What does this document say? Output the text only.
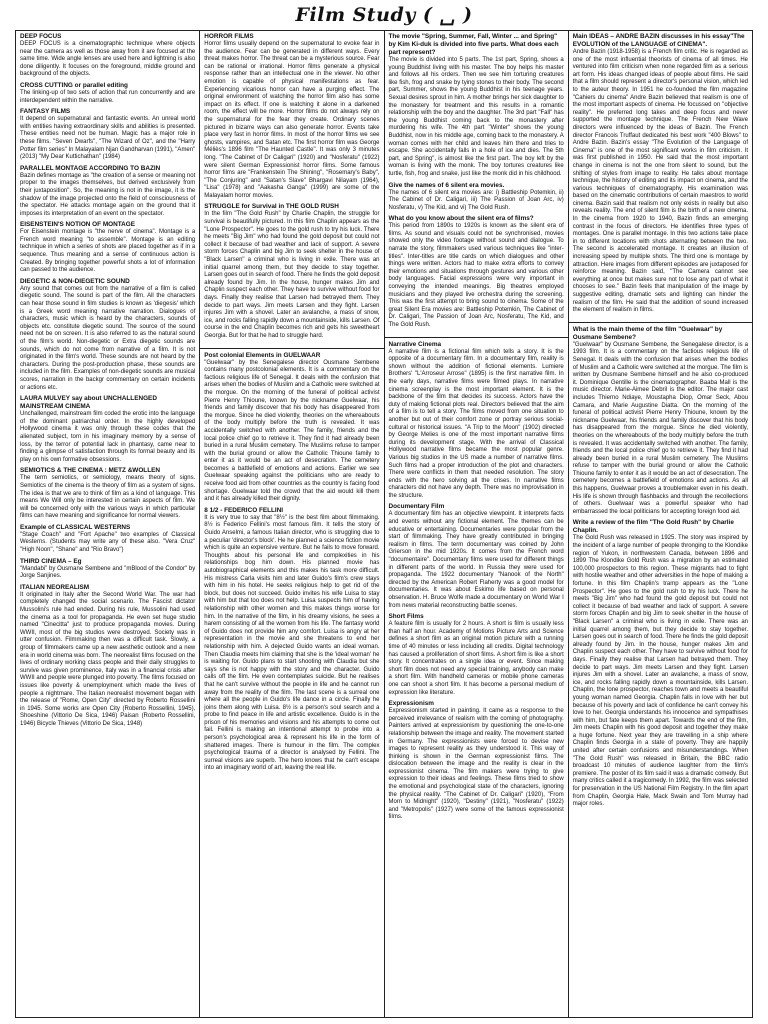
Film Study ( ␣ )
DEEP FOCUS
DEEP FOCUS is a cinematographic technique where objects near the camera as well as those away from it are focused at the same time. Wide angle lenses are used here and lightning is also done diligently. It focuses on the foreground, middle ground and background of the objects.
CROSS CUTTING or parallel editing
The linking-up of two sets of action that run concurrently and are interdependent within the narrative.
FANTASY FILMS
It depend on supernatural and fantastic events. An unreal world with entities having extraordinary skills and abilities is presented. These entities need not be human. Magic has a major role in these films. "Seven Dwarfs", "The Wizard of Oz", and the "Harry Potter film series" In Malayalam Njan Gandharvan (1991), "Amen" (2013) "My Dear Kuttichathan" (1984)
PARALLEL MONTAGE ACCORDING TO BAZIN
Bazin defines montage as "the creation of a sense or meaning not proper to the images themselves, but derived exclusively from their juxtaposition". So, the meaning is not in the image, it is the shadow of the image projected onto the field of consciousness of the spectator. He attacks montage again on the ground that it imposes its interpretation of an event on the spectator.
EISENSTEIN'S NOTION OF MONTAGE
For Eisenstein montage is "the nerve of cinema". Montage is a French word meaning "to assemble". Montage is an editing technique in which a series of shots are placed together as if in a sequence. Thus meaning and a sense of continuous action is Created. By bringing together powerful shots a lot of information can passed to the audience.
DIEGETIC & NON-DIEGETIC SOUND
Any sound that comes out from the narrative of a film is called diegetic sound. The sound is part of the film. All the characters can hear those sound in film studies is known as 'diegesis' which is a Greek word meaning narrative narration. Dialogues of characters, music which is heard by the characters, sounds of objects etc. constitute diegetic sound. The source of the sound need not be on screen. It is also referred to as the natural sound of the film's world. Non-diegetic or Extra diegetic sounds are sounds, which do not come from narrative of a film. It is not originated in the film's world. These sounds are not heard by the characters. During the post-production phase, these sounds are included in the film. Examples of non-diegetic sounds are musical scores, narration in the backgr commentary on certain incidents or actions etc.
LAURA MULVEY say about UNCHALLENGED MAINSTREAM CINEMA
Unchallenged, mainstream film coded the erotic into the language of the dominant patriarchal order. In the highly developed Hollywood cinema it was only through these codes that the alienated subject, torn in his imaginary memory by a sense of loss, by the terror of potential lack in phantasy, came near to finding a glimpse of satisfaction through its formal beauty and its play on his own formative obsessions.
SEMIOTICS & THE CINEMA : METZ &WOLLEN
The term semiotics, or semiology, means theory of signs. Semiotics of the cinema is the theory of film as a system of signs. The idea is that we are to think of film as a kind of language. This means We Will only be interested in certain aspects of film. We will be concerned only with the various ways in which particular films can have meaning and significance for normal viewers.
Example of CLASSICAL WESTERNS
"Stage Coach" and "Fort Apache" two examples of Classical Westerns. (Students may write any of these also. "Vera Cruz" "High Noon", "Shane" and "Rio Bravo")
THIRD CINEMA – Eg
"Mandabi" by Ousmane Sembene and "mBlood of the Condor" by Jorge Sanjines.
ITALIAN NEOREALISM
It originated in Italy after the Second World War. The war had completely changed the social scenario. The Fascist dictator Mussolini's rule had ended. During his rule, Mussolini had used the cinema as a tool for propaganda. He even set huge studio named "Cinecitta" just to produce propaganda movies. During WWII, most of the big studios were destroyed. Society was in utter confusion. Filmmaking then was a difficult task. Slowly, a group of filmmakers came up a new aesthetic outlook and a new era in world cinema was born. The neorealist films focused on the lives of ordinary working class people and their daily struggles to survive was given prominence, Italy was in a financial crisis after WWII and people were plunged into poverty. The films focused on issues like poverty & unemployment which made the lives of people a nightmare. The Italian neorealist movement began with the release of "Rome, Open City" directed by Roberto Rossellini in 1945. Some works are Open City (Roberto Rossellini, 1945), Shoeshine (Vittorio De Sica, 1946) Paisan (Roberto Rossellini, 1946) Bicycle Thieves (Vittorio De Sica, 1948)
HORROR FILMS
Horror films usually depend on the supernatural to evoke fear in the audience. Fear can be generated in different ways. Every threat makes horror. The threat can be a mysterious source. Fear can be rational or irrational. Horror films generate a physical response rather than an intellectual one in the viewer. No other emotion is capable of physical manifestations as fear. Experiencing vicarious horror can have a purging effect. The original environment of watching the horror film also has some impact on its effect. If one is watching it alone in a darkened room, the effect will be more. Horror films do not always rely on the supernatural for the fear they create. Ordinary scenes pictured in bizarre ways can also generate horror. Events take place very fast in horror films. In most of the horror films we see ghosts, vampires, and Satan etc. The first horror film was George Méliès's 1896 film "The Haunted Castle". It was only 3 minutes long. "The Cabinet of Dr Caligari" (1920) and "Nosferatu" (1922) were silent German Expressionist horror films. Some famous horror films are "Frankenstein The Shining", "Rosemary's Baby", "The Conjuring" and "Satan's Slave" Bhargavi Nilayam (1964), "Lisa" (1978) and "Aakasha Ganga" (1999) are some of the Malayalam horror movies.
STRUGGLE for Survival in THE GOLD RUSH
In the film "The Gold Rush" by Charlie Chaplin, the struggle for survival is beautifully pictured. In this film Chaplin appears as the "Lone Prospector". He goes to the gold rush to try his luck. There he meets "Big Jim" who had found the gold deposit but could not collect it because of bad weather and lack of support. A severe storm forces Chaplin and big Jim to seek shelter in the house of "Black Larsen" a criminal who is living in exile. There was an initial quarrel among them, but they decide to stay together. Larsen goes out in search of food. There he finds the gold deposit already found by Jim. In the house, hunger makes Jim and Chaplin suspect each other. They have to survive without food for days. Finally they realise that Larsen had betrayed them. They decide to part ways. Jim meets Larsen and they fight. Larsen injures Jim with a shovel. Later an avalanche, a mass of snow, ice, and rocks falling rapidly down a mountainside, kills Larsen. Of course in the end Chaplin becomes rich and gets his sweetheart Georgia. But for that he had to struggle hard.
Post colonial Elements in GUELWAAR
"Guelwaar" by the Senegalese director Ousmane Sembene contains many postcolonial elements. It is a commentary on the factious religious life of Senegal. It deals with the confusion that arises when the bodies of Muslim and a Catholic were switched at the morgue. On the morning of the funeral of political activist Pierre Henry Thioune, known by the nickname Guelwaar, his friends and family discover that his body has disappeared from the morgue. Since he died violently, theories on the whereabouts of the body multiply before the truth is revealed. It was accidentally switched with another. The family, friends and the local police chief go to retrieve it. They find it had already been buried in a rural Muslim cemetery. The Muslims refuse to tamper with the burial ground or allow the Catholic Thioune family to enter it as it would be an act of desecration. The cemetery becomes a battlefield of emotions and actions. Earlier we see Guelwaar speaking against the politicians who are ready to receive food aid from other countries as the country is facing food shortage. Guelwaar told the crowd that the aid would kill them and it has already killed their dignity.
8 1/2 - FEDERICO FELLINI
It is very true to say that "8½" is the best film about filmmaking. 8½ is Federico Fellini's most famous film. It tells the story of Guido Anselmi, a famous Italian director, who is struggling due to a peculiar 'director's block'. He he planned a science fiction movie which is quite an expensive venture. But he fails to move forward. Thoughts about his personal life and complexities in his relationships bog him down. His planned movie has autobiographical elements and this makes his task more difficult. His mistress Carla visits him and later Guido's film's crew stays with him in his hotel. He seeks religious help to get rid of the block, but does not succeed. Guido invites his wife Luisa to stay with him but that too does not help. Luisa suspects him of having relationship with other women and this makes things worse for him. In the narrative of the film, in his dreamy visions, he sees a harem consisting of all the women from his life. The fantasy world of Guido does not provide him any comfort. Luisa is angry at her representation in the movie and she threatens to end her relationship with him. A dejected Guido wants an ideal woman. Then Claudia meets him claiming that she is the 'ideal woman' he is waiting for. Guido plans to start shooting with Claudia but she says she is not happy with the story and the character. Guido calls off the film. He even contemplates suicide. But he realises that he can't survive without the people in life and he cannot run away from the reality of the film. The last scene is a surreal one where all the people in Guido's life dance in a circle. Finally he joins them along with Luisa. 8½ is a person's soul search and a probe to find peace in life and artistic excellence. Guido is in the prison of his memories and visions and his attempts to come out fail. Fellini is making an intentional attempt to probe into a person's psychological area & represent his life in the form of shattered images. There is humour in the film. The complex psychological trauma of a director is analysed by Fellini. The surreal visions are superb. The hero knows that he can't escape into an imaginary world of art, leaving the real life.
The movie "Spring, Summer, Fall, Winter ... and Spring" by Kim Ki-duk is divided into five parts. What does each part represent?
The movie is divided into 5 parts. The 1st part, Spring, shows a young Buddhist living with his master. The boy helps his master and follows all his orders. Then we see him torturing creatures like fish, frog and snake by tying stones to their body. The second part, Summer, shows the young Buddhist in his teenage years. Sexual desires sprout in him. A mother brings her sick daughter to the monastery for treatment and this results in a romantic relationship with the boy and the daughter. The 3rd part "Fall" has the young Buddhist coming back to the monastery after murdering his wife. The 4th part "Winter" shows the young Buddhist, now in his middle age, coming back to the monastery. A woman comes with her child and leaves him there and tries to escape. She accidentally falls in a hole of ice and dies. The 5th part, and Spring", is almost like the first part. The boy left by the woman is living with the monk. The boy tortures creatures like turtle, fish, frog and snake, just like the monk did in his childhood.
Give the names of 6 silent era movies.
The names of 6 silent era movies are: i) Battleship Potemkin, ii) The Cabinet of Dr. Caligari, iii) The Passion of Joan Arc, iv) Nosferatu, v) The Kid, and vi) The Gold Rush.
What do you know about the silent era of films?
This period from 1890s to 1920s is known as the silent era of films. As sound and visuals could not be synchronised, movies showed only the video footage without sound and dialogue. To narrate the story, filmmakers used various techniques like "inter- titles". Inter-titles are title cards on which dialogues and other things were written. Actors had to make extra efforts to convey their emotions and situations through gestures and various other body languages. Facial expressions were very important in conveying the intended meanings. Big theatres employed musicians and they played live orchestra during the screening. This was the first attempt to bring sound to cinema. Some of the great Silent Era movies are: Battleship Potemkin, The Cabinet of Dr. Caligari, The Passion of Joan Arc, Nosferatu, The Kid, and The Gold Rush.
Narrative Cinema
A narrative film is a fictional film which tells a story. It is the opposite of a documentary film. In a documentary film, reality is shown without the addition of fictional elements. Lumiere Brothers' "L'Arroseur Arrose" (1895) is the first narrative film. In the early days, narrative films were filmed plays. In narrative cinema screenplay is the most important element. It is the backbone of the film that decides its success. Actors have the duty of making fictional plots real. Directors believed that the aim of a film is to tell a story. The films moved from one situation to another but out of their comfort zone or portray serious social-cultural or historical issues. "A Trip to the Moon" (1902) directed by George Melies is one of the most important narrative films during its development stage. With the arrival of Classical Hollywood narrative films became the most popular genre. Various big studios in the US made a number of narrative films. Such films had a proper introduction of the plot and characters. There were conflicts in them that needed resolution. The story ends with the hero solving all the crises. In narrative films characters did not have any depth. There was no improvisation in the structure.
Documentary Film
A documentary film has an objective viewpoint. It interprets facts and events without any fictional element. The themes can be educative or entertaining. Documentaries were popular from the start of filmmaking. They have greatly contributed in bringing realism in films. The term documentary was coined by John Grierson in the mid 1920s. It comes from the French word "documentaire". Documentary films were used for different things in different parts of the world. In Russia they were used for propaganda. The 1922 documentary "Nanook of the North" directed by the American Robert Flaherty was a good model for documentaries. It was about Eskimo life based on personal observation. H. Bruce Wolfe made a documentary on World War I from news material reconstructing battle scenes.
Short Films
A feature film is usually for 2 hours. A short is film is usually less than half an hour. Academy of Motions Picture Arts and Science defines a short film as an original motion picture with a running time of 40 minutes or less including all credits. Digital technology has caused a proliferation of short films. A short film is like a short story. It concentrates on a single idea or event. Since making short film does not need any special training, anybody can make a short film. With handheld cameras or mobile phone cameras one can shoot a short film. It has become a personal medium of expression like literature.
Expressionism
Expressionism started in painting. It came as a response to the perceived irrelevance of realism with the coming of photography. Painters arrived at expressionism by questioning the one-to-one relationship between the image and reality. The movement started in Germany. The expressionists were forced to devise new images to represent reality as they understood it. This way of thinking is shown in the German expressionist films. The dislocation between the image and the reality is clear in the expressionist cinema. The film makers were trying to give expression to their ideas and feelings. These films tried to show the emotional and psychological state of the characters, ignoring the physical reality. "The Cabinet of Dr. Caligari" (1920), "From Morn to Midnight" (1920), "Destiny" (1921), "Nosferatu" (1922) and "Metropolis" (1927) were some of the famous expressionist films.
Main IDEAS – ANDRE BAZIN discusses in his essay"The EVOLUTION of the LANGUAGE of CINEMA".
Andre Bazin (1918-1958) is a French film critic. He is regarded as one of the most influential theorists of cinema of all times. He ventured into film criticism when none regarded film as a serious art form. His ideas changed ideas of people about films. He said that a film should represent a director's personal vision, which led to the auteur theory. In 1951 he co-founded the film magazine "Cahiers du cinema" Andre Bazin believed that realism is one of the most important aspects of cinema. He focussed on "objective reality". He preferred long takes and deep focus and never supported the montage technique. The French New Wave directors were influenced by the ideas of Bazin. The French director Francois Truffaut dedicated his best work "400 Blows" to Andre Bazin. Bazin's essay "The Evolution of the Language of Cinema" is one of the most significant works in film criticism. It was first published in 1950. He said that the most important change in cinema is not the one from silent to sound, but the shifting of styles from image to reality. He talks about montage technique, the history of editing and its impact on cinema, and the various techniques of cinematography. His examination was based on the cinematic contributions of certain maestros to world cinema. Bazin said that realism not only exists in reality but also reveals reality. The end of silent film is the birth of a new cinema. In the cinema from 1920 to 1940, Bazin finds an emerging contrast in the focus of directors. He identifies three types of montages. One is parallel montage. In this two actions take place in to different locations with shots alternating between the two. The second is accelerated montage. It creates an illusion of increasing speed by multiple shots. The third one is montage by attraction. Here images from different episodes are juxtaposed for reinforce meaning. Bazin said, "The Camera cannot see everything at once but makes sure not to lose any part of what it chooses to see." Bazin feels that manipulation of the image by suggestive editing, dramatic sets and lighting can hinder the realism of the film. He said that the addition of sound increased the element of realism in films.
What is the main theme of the film "Guelwaar" by Ousmane Sembene?
"Guelwaar" by Ousmane Sembene, the Senegalese director, is a 1993 film. It is a commentary on the factious religious life of Senegal. It deals with the confusion that arises when the bodies of Muslim and a Catholic were switched at the morgue. The film is written by Ousmane Sembene himself and he also co-produced it. Dominique Gentille is the cinematographer. Baaba Mall is the music director. Marie-Aimee Debril is the editor. The major cast includes Thierno Ndiaye, Moustapha Diop, Omar Seck, Abou Camara, and Marie Augustine Diatta. On the morning of the funeral of political activist Pierre Henry Thioune, known by the nickname Guelwaar, his friends and family discover that his body has disappeared from the morgue. Since he died violently, theories on the whereabouts of the body multiply before the truth is revealed. It was accidentally switched with another. The family, friends and the local police chief go to retrieve it. They find it had already been buried in a rural Muslim cemetery. The Muslims refuse to tamper with the burial ground or allow the Catholic Thioune family to enter it as it would be an act of desecration. The cemetery becomes a battlefield of emotions and actions. As all this happens, Guelwaar proves a troublemaker even in his death. His life is shown through flashbacks and through the recollections of others. Guelwaar was a powerful speaker who had embarrassed the local politicians for accepting foreign food aid.
Write a review of the film "The Gold Rush" by Charlie Chaplin.
The Gold Rush was released in 1925. The story was inspired by the incident of a large number of people thronging to the Klondike region of Yukon, in northwestern Canada, between 1896 and 1899 The Klondike Gold Rush was a migration by an estimated 100,000 prospectors to this region. These migrants had to fight with hostile weather and other adversities in the hope of making a fortune. In this film Chaplin's tramp appears as the "Lone Prospector". He goes to the gold rush to try his luck. There he meets "Big Jim" who had found the gold deposit but could not collect it because of bad weather and lack of support. A severe storm forces Chaplin and big Jim to seek shelter in the house of "Black Larsen" a criminal who is living in exile. There was an initial quarrel among them, but they decide to stay together. Larsen goes out in search of food. There he finds the gold deposit already found by Jim. In the house, hunger makes Jim and Chaplin suspect each other. They have to survive without food for days. Finally they realise that Larsen had betrayed them. They decide to part ways. Jim meets Larsen and they fight. Larsen injures Jim with a shovel. Later an avalanche, a mass of snow, ice, and rocks falling rapidly down a mountainside, kills Larsen. Chaplin, the lone prospector, reaches town and meets a beautiful young woman named Georgia. Chaplin falls in love with her but because of his poverty and lack of confidence he can't convey his love to her. Georgia understands his innocence and sympathises with him, but fate keeps them apart. Towards the end of the film, Jim meets Chaplin with his good deposit and together they make a huge fortune. Next year they are travelling in a ship where Chaplin finds Georgia in a state of poverty. They are happily united after certain confusions and misunderstandings. When "The Gold Rush" was released in Britain, the BBC radio broadcast 10 minutes of audience laughter from the film's premiere. The poster of its film said it was a dramatic comedy. But many critics called it a tragicomedy. In 1992, the film was selected for preservation in the US National Film Registry. In the film apart from Chaplin, Georgia Hale, Mack Swain and Tom Murray had major roles.
